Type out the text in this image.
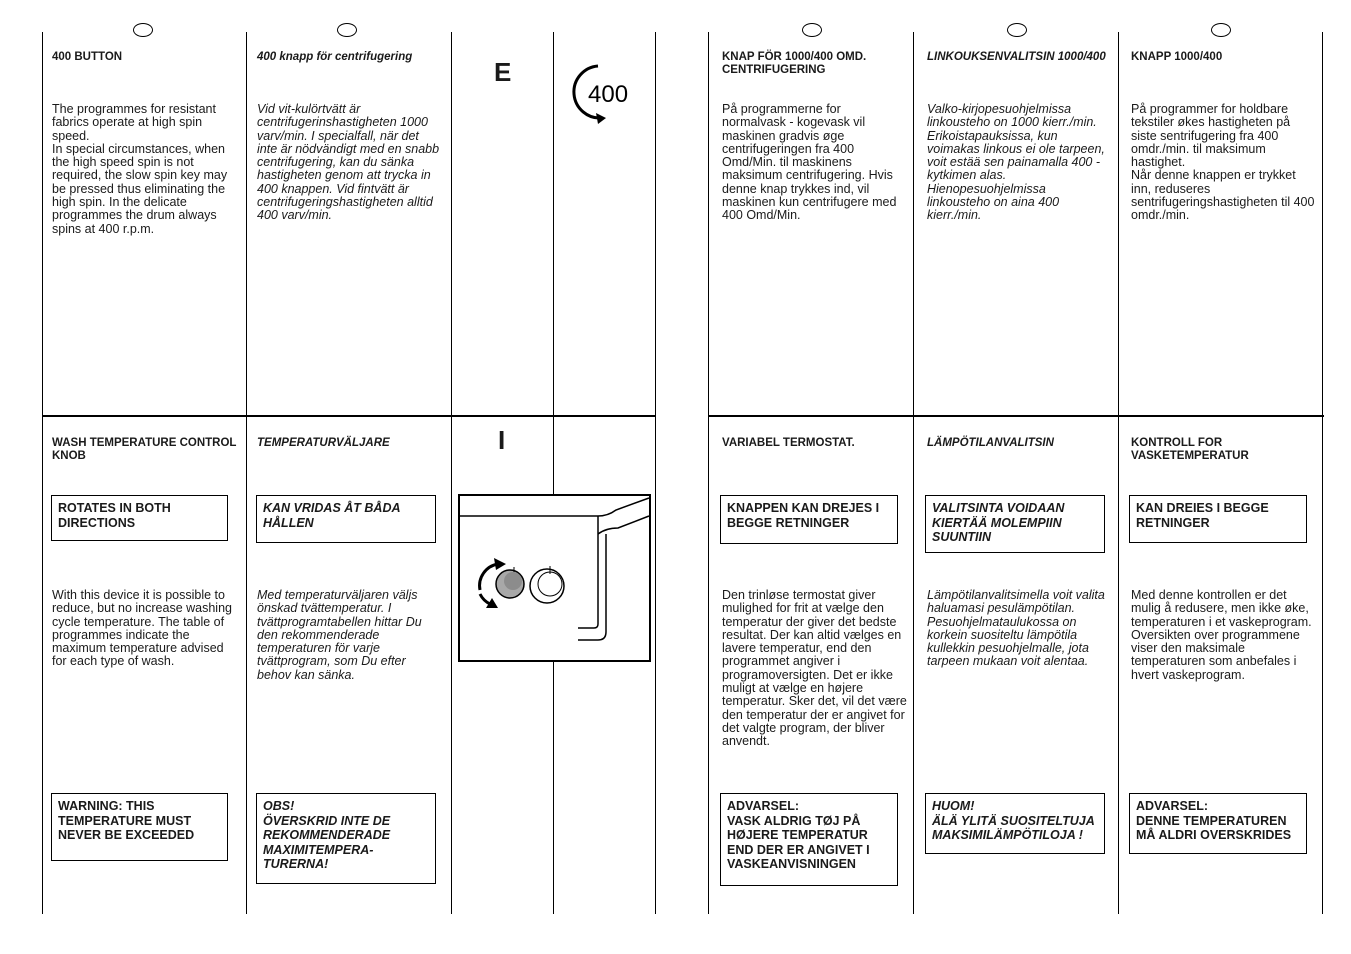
E
I
400
400 BUTTON
The programmes for resistant fabrics operate at high spin speed.
In special circumstances, when the high speed spin is not required, the slow spin key may be pressed thus eliminating the high spin. In the delicate programmes the drum always spins at 400 r.p.m.
400 knapp för centrifugering
Vid vit-kulörtvätt är centrifugerinshastigheten 1000 varv/min. I specialfall, när det inte är nödvändigt med en snabb centrifugering, kan du sänka hastigheten genom att trycka in 400 knappen. Vid fintvätt är centrifugeringshastigheten alltid 400 varv/min.
KNAP FÖR 1000/400 OMD. CENTRIFUGERING
På programmerne for normalvask - kogevask vil maskinen gradvis øge centrifugeringen fra 400 Omd/Min. til maskinens maksimum centrifugering. Hvis denne knap trykkes ind, vil maskinen kun centrifugere med 400 Omd/Min.
LINKOUKSENVALITSIN 1000/400
Valko-kirjopesuohjelmissa linkousteho on 1000 kierr./min. Erikoistapauksissa, kun voimakas linkous ei ole tarpeen, voit estää sen painamalla 400 -kytkimen alas.
Hienopesuohjelmissa linkousteho on aina 400 kierr./min.
KNAPP 1000/400
På programmer for holdbare tekstiler økes hastigheten på siste sentrifugering fra 400 omdr./min. til maksimum hastighet.
Når denne knappen er trykket inn, reduseres sentrifugeringshastigheten til 400 omdr./min.
WASH TEMPERATURE CONTROL KNOB
ROTATES IN BOTH DIRECTIONS
With this device it is possible to reduce, but no increase washing cycle temperature. The table of programmes indicate the maximum temperature advised for each type of wash.
WARNING: THIS TEMPERATURE MUST NEVER BE EXCEEDED
TEMPERATURVÄLJARE
KAN VRIDAS ÅT BÅDA HÅLLEN
Med temperaturväljaren väljs önskad tvättemperatur. I tvättprogramtabellen hittar Du den rekommenderade temperaturen för varje tvättprogram, som Du efter behov kan sänka.
OBS!
ÖVERSKRID INTE DE REKOMMENDERADE MAXIMITEMPERA-TURERNA!
VARIABEL TERMOSTAT.
KNAPPEN KAN DREJES I BEGGE RETNINGER
Den trinløse termostat giver mulighed for frit at vælge den temperatur der giver det bedste resultat. Der kan altid vælges en lavere temperatur, end den programmet angiver i programoversigten. Det er ikke muligt at vælge en højere temperatur. Sker det, vil det være den temperatur der er angivet for det valgte program, der bliver anvendt.
ADVARSEL:
VASK ALDRIG TØJ PÅ HØJERE TEMPERATUR END DER ER ANGIVET I VASKEANVISNINGEN
LÄMPÖTILANVALITSIN
VALITSINTA VOIDAAN KIERTÄÄ MOLEMPIIN SUUNTIIN
Lämpötilanvalitsimella voit valita haluamasi pesulämpötilan. Pesuohjelmataulukossa on korkein suositeltu lämpötila kullekkin pesuohjelmalle, jota tarpeen mukaan voit alentaa.
HUOM!
ÄLÄ YLITÄ SUOSITELTUJA MAKSIMILÄMPÖTILOJA !
KONTROLL FOR VASKETEMPERATUR
KAN DREIES I BEGGE RETNINGER
Med denne kontrollen er det mulig å redusere, men ikke øke, temperaturen i et vaskeprogram. Oversikten over programmene viser den maksimale temperaturen som anbefales i hvert vaskeprogram.
ADVARSEL:
DENNE TEMPERATUREN MÅ ALDRI OVERSKRIDES
